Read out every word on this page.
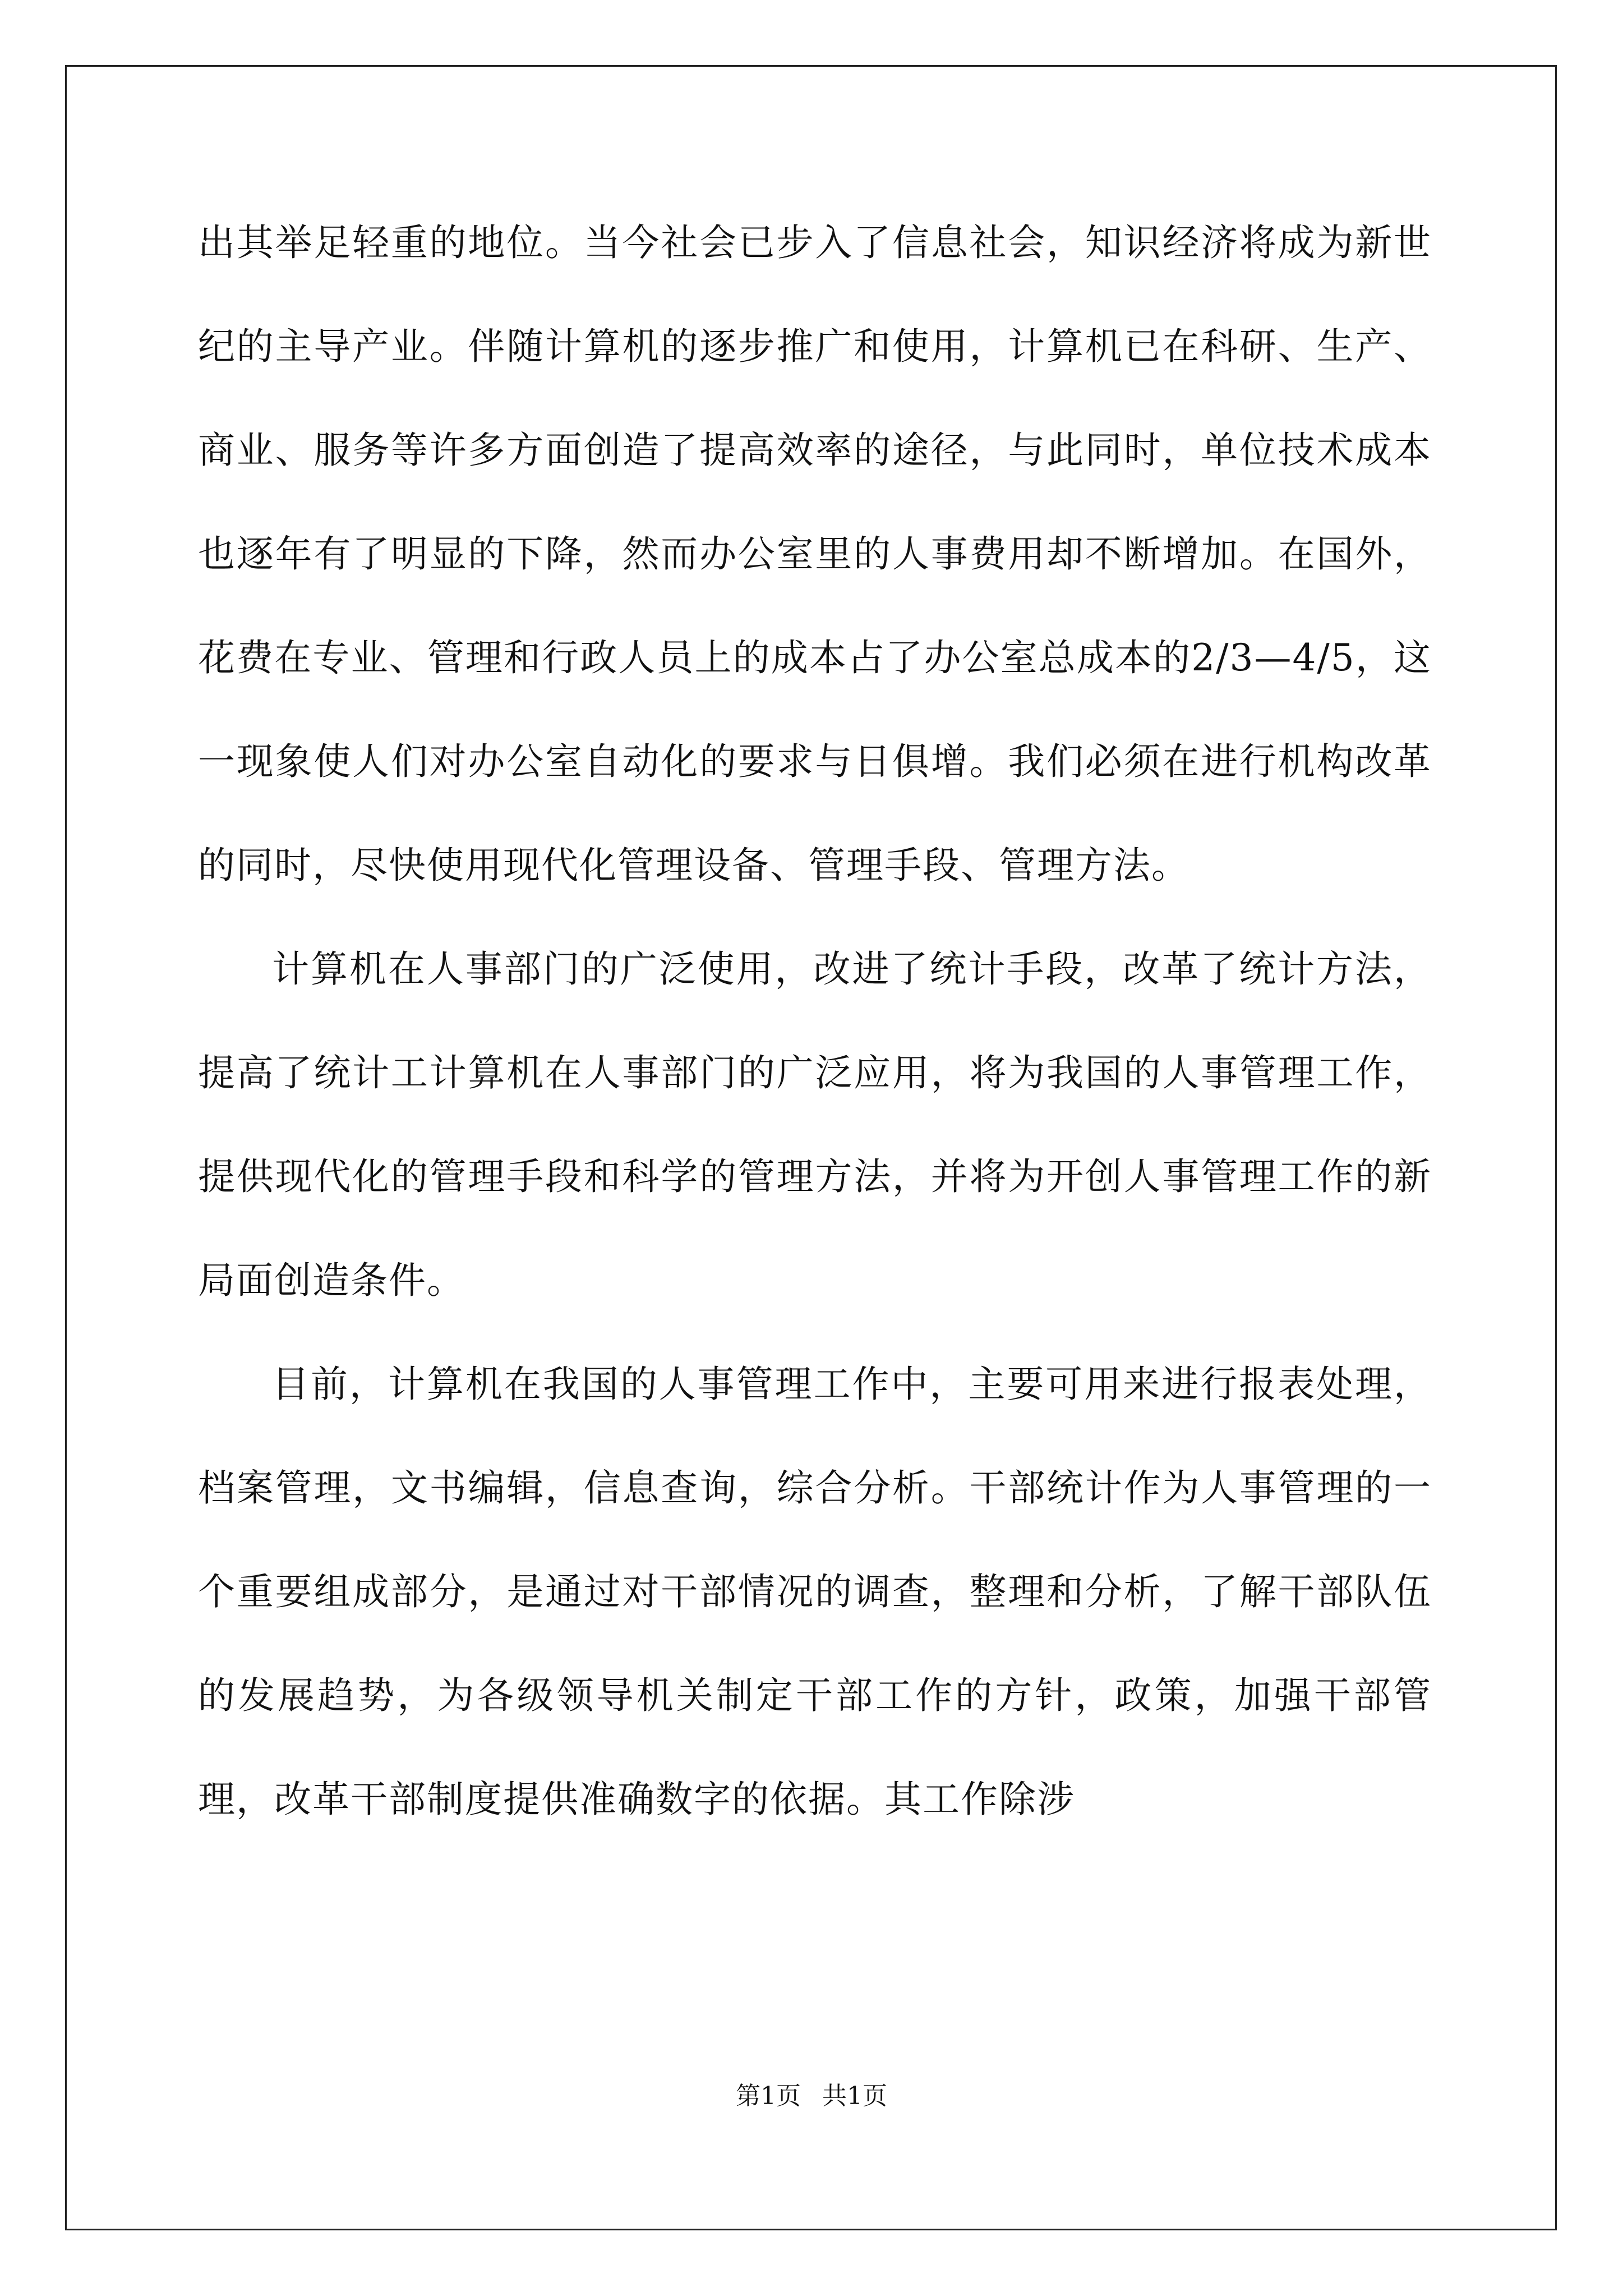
出其举足轻重的地位。当今社会已步入了信息社会，知识经济将成为新世纪的主导产业。伴随计算机的逐步推广和使用，计算机已在科研、生产、商业、服务等许多方面创造了提高效率的途径，与此同时，单位技术成本也逐年有了明显的下降，然而办公室里的人事费用却不断增加。在国外，花费在专业、管理和行政人员上的成本占了办公室总成本的2/3—4/5，这一现象使人们对办公室自动化的要求与日俱增。我们必须在进行机构改革的同时，尽快使用现代化管理设备、管理手段、管理方法。

计算机在人事部门的广泛使用，改进了统计手段，改革了统计方法，提高了统计工计算机在人事部门的广泛应用，将为我国的人事管理工作，提供现代化的管理手段和科学的管理方法，并将为开创人事管理工作的新局面创造条件。

目前，计算机在我国的人事管理工作中，主要可用来进行报表处理，档案管理，文书编辑，信息查询，综合分析。干部统计作为人事管理的一个重要组成部分，是通过对干部情况的调查，整理和分析，了解干部队伍的发展趋势，为各级领导机关制定干部工作的方针，政策，加强干部管理，改革干部制度提供准确数字的依据。其工作除涉

第1页 共1页
